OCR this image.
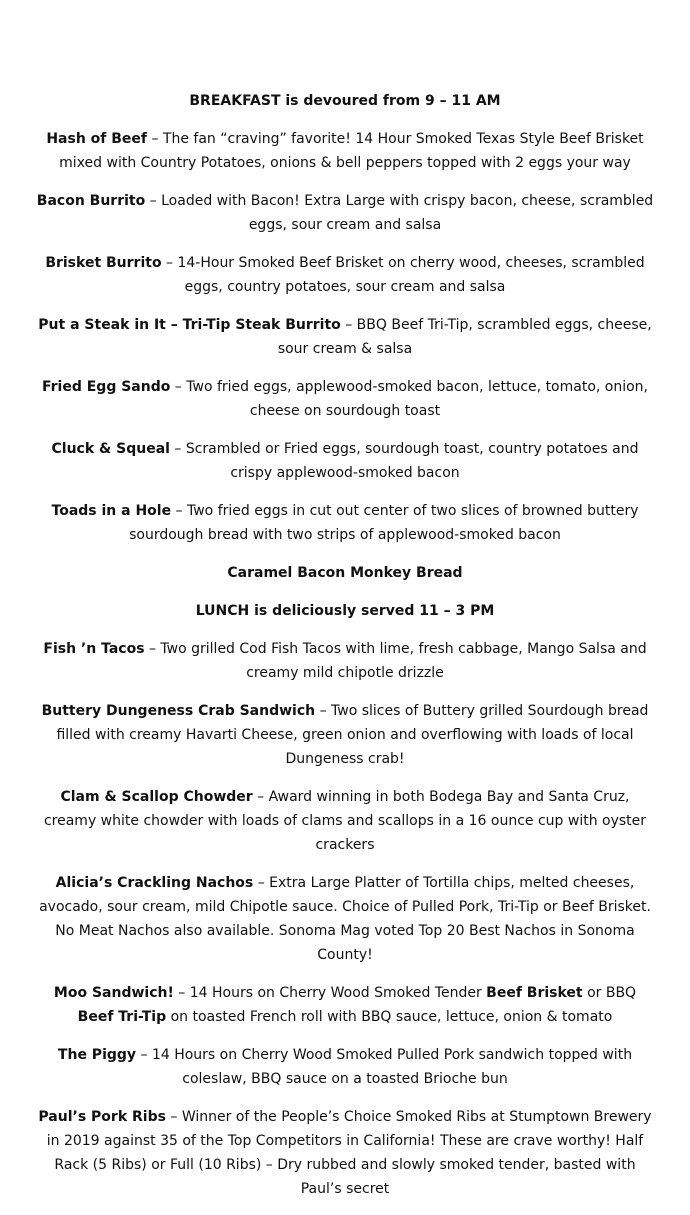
BREAKFAST is devoured from 9 – 11 AM

Hash of Beef – The fan “craving” favorite! 14 Hour Smoked Texas Style Beef Brisket mixed with Country Potatoes, onions & bell peppers topped with 2 eggs your way

Bacon Burrito – Loaded with Bacon! Extra Large with crispy bacon, cheese, scrambled eggs, sour cream and salsa

Brisket Burrito – 14-Hour Smoked Beef Brisket on cherry wood, cheeses, scrambled eggs, country potatoes, sour cream and salsa

Put a Steak in It – Tri-Tip Steak Burrito – BBQ Beef Tri-Tip, scrambled eggs, cheese, sour cream & salsa

Fried Egg Sando – Two fried eggs, applewood-smoked bacon, lettuce, tomato, onion, cheese on sourdough toast

Cluck & Squeal – Scrambled or Fried eggs, sourdough toast, country potatoes and crispy applewood-smoked bacon

Toads in a Hole – Two fried eggs in cut out center of two slices of browned buttery sourdough bread with two strips of applewood-smoked bacon

Caramel Bacon Monkey Bread

LUNCH is deliciously served 11 – 3 PM

Fish ’n Tacos – Two grilled Cod Fish Tacos with lime, fresh cabbage, Mango Salsa and creamy mild chipotle drizzle

Buttery Dungeness Crab Sandwich – Two slices of Buttery grilled Sourdough bread filled with creamy Havarti Cheese, green onion and overflowing with loads of local Dungeness crab!

Clam & Scallop Chowder – Award winning in both Bodega Bay and Santa Cruz, creamy white chowder with loads of clams and scallops in a 16 ounce cup with oyster crackers

Alicia’s Crackling Nachos – Extra Large Platter of Tortilla chips, melted cheeses, avocado, sour cream, mild Chipotle sauce. Choice of Pulled Pork, Tri-Tip or Beef Brisket. No Meat Nachos also available. Sonoma Mag voted Top 20 Best Nachos in Sonoma County!

Moo Sandwich! – 14 Hours on Cherry Wood Smoked Tender Beef Brisket or BBQ Beef Tri-Tip on toasted French roll with BBQ sauce, lettuce, onion & tomato

The Piggy – 14 Hours on Cherry Wood Smoked Pulled Pork sandwich topped with coleslaw, BBQ sauce on a toasted Brioche bun

Paul’s Pork Ribs – Winner of the People’s Choice Smoked Ribs at Stumptown Brewery in 2019 against 35 of the Top Competitors in California! These are crave worthy! Half Rack (5 Ribs) or Full (10 Ribs) – Dry rubbed and slowly smoked tender, basted with Paul’s secret
